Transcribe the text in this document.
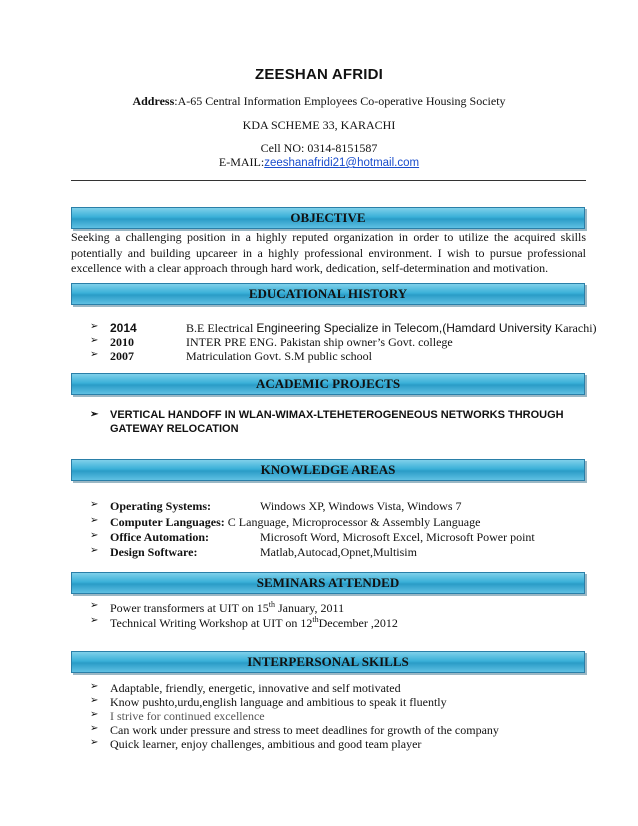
ZEESHAN AFRIDI
Address:A-65 Central Information Employees Co-operative Housing Society
KDA SCHEME 33, KARACHI
Cell NO: 0314-8151587
E-MAIL:zeeshanafridi21@hotmail.com
OBJECTIVE
Seeking a challenging position in a highly reputed organization in order to utilize the acquired skills potentially and building upcareer in a highly professional environment. I wish to pursue professional excellence with a clear approach through hard work, dedication, self-determination and motivation.
EDUCATIONAL HISTORY
➢ 2014	B.E Electrical Engineering Specialize in Telecom,(Hamdard University Karachi)
➢ 2010	INTER PRE ENG. Pakistan ship owner’s Govt. college
➢ 2007	Matriculation Govt. S.M public school
ACADEMIC PROJECTS
➢ VERTICAL HANDOFF IN WLAN-WIMAX-LTEHETEROGENEOUS NETWORKS THROUGH
GATEWAY RELOCATION
KNOWLEDGE AREAS
➢ Operating Systems:	Windows XP, Windows Vista, Windows 7
➢ Computer Languages: C Language, Microprocessor & Assembly Language
➢ Office Automation:	Microsoft Word, Microsoft Excel, Microsoft Power point
➢ Design Software:	Matlab,Autocad,Opnet,Multisim
SEMINARS ATTENDED
➢ Power transformers at UIT on 15th January, 2011
➢ Technical Writing Workshop at UIT on 12thDecember ,2012
INTERPERSONAL SKILLS
➢ Adaptable, friendly, energetic, innovative and self motivated
➢ Know pushto,urdu,english language and ambitious to speak it fluently
➢ I strive for continued excellence
➢ Can work under pressure and stress to meet deadlines for growth of the company
➢ Quick learner, enjoy challenges, ambitious and good team player
